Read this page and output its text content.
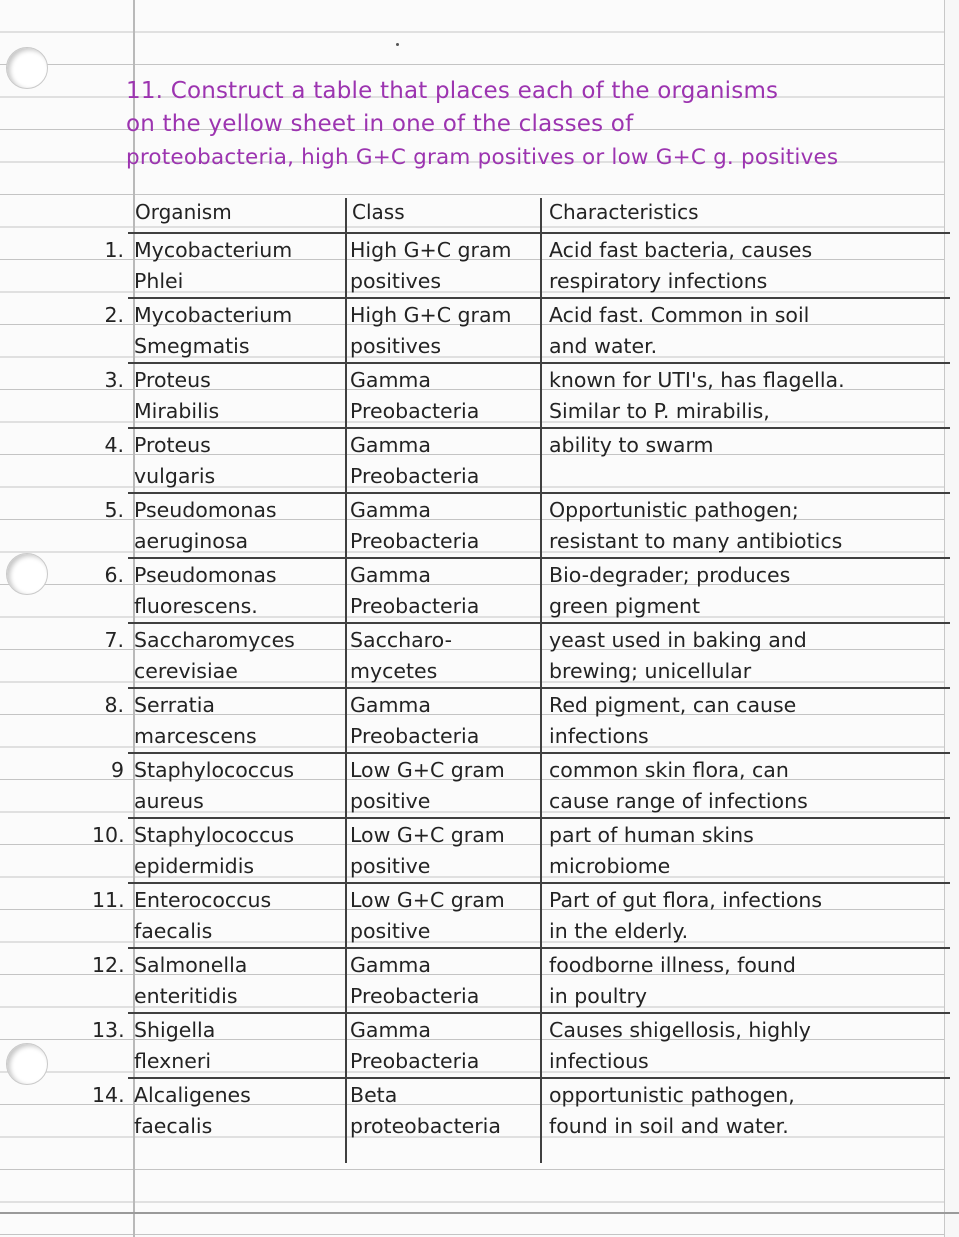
11. Construct a table that places each of the organisms
on the yellow sheet in one of the classes of
proteobacteria, high G+C gram positives or low G+C g. positives
Organism	Class	Characteristics
1. Mycobacterium
Phlei
High G+C gram
positives
Acid fast bacteria, causes
respiratory infections
2. Mycobacterium
Smegmatis
High G+C gram
positives
Acid fast. Common in soil
and water.
3. Proteus
Mirabilis
Gamma
Preobacteria
known for UTI's, has flagella.
Similar to P. mirabilis,
4. Proteus
vulgaris
Gamma
Preobacteria
ability to swarm
5. Pseudomonas
aeruginosa
Gamma
Preobacteria
Opportunistic pathogen;
resistant to many antibiotics
6. Pseudomonas
fluorescens.
Gamma
Preobacteria
Bio-degrader; produces
green pigment
7. Saccharomyces
cerevisiae
Saccharo-
mycetes
yeast used in baking and
brewing; unicellular
8. Serratia
marcescens
Gamma
Preobacteria
Red pigment, can cause
infections
9 Staphylococcus
aureus
Low G+C gram
positive
common skin flora, can
cause range of infections
10. Staphylococcus
epidermidis
Low G+C gram
positive
part of human skins
microbiome
11. Enterococcus
faecalis
Low G+C gram
positive
Part of gut flora, infections
in the elderly.
12. Salmonella
enteritidis
Gamma
Preobacteria
foodborne illness, found
in poultry
13. Shigella
flexneri
Gamma
Preobacteria
Causes shigellosis, highly
infectious
14. Alcaligenes
faecalis
Beta
proteobacteria
opportunistic pathogen,
found in soil and water.
